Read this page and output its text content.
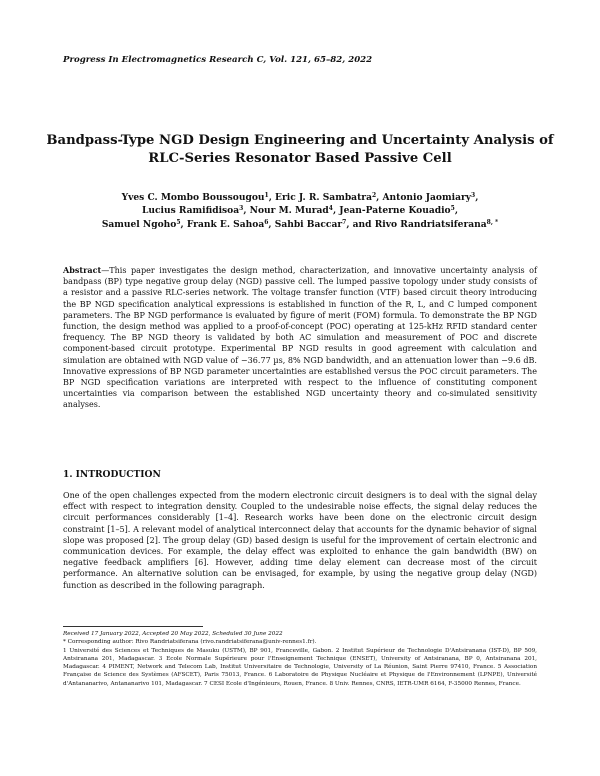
Progress In Electromagnetics Research C, Vol. 121, 65–82, 2022
Bandpass-Type NGD Design Engineering and Uncertainty Analysis of RLC-Series Resonator Based Passive Cell
Yves C. Mombo Boussougou$^1$, Eric J. R. Sambatra$^2$, Antonio Jaomiary$^3$,
Lucius Ramifidisoa$^3$, Nour M. Murad$^4$, Jean-Paterne Kouadio$^5$,
Samuel Ngoho$^5$, Frank E. Sahoa$^6$, Sahbi Baccar$^7$, and Rivo Randriatsiferana$^{8, *}$
Abstract—This paper investigates the design method, characterization, and innovative uncertainty analysis of bandpass (BP) type negative group delay (NGD) passive cell. The lumped passive topology under study consists of a resistor and a passive RLC-series network. The voltage transfer function (VTF) based circuit theory introducing the BP NGD specification analytical expressions is established in function of the R, L, and C lumped component parameters. The BP NGD performance is evaluated by figure of merit (FOM) formula. To demonstrate the BP NGD function, the design method was applied to a proof-of-concept (POC) operating at 125-kHz RFID standard center frequency. The BP NGD theory is validated by both AC simulation and measurement of POC and discrete component-based circuit prototype. Experimental BP NGD results in good agreement with calculation and simulation are obtained with NGD value of −36.77 µs, 8% NGD bandwidth, and an attenuation lower than −9.6 dB. Innovative expressions of BP NGD parameter uncertainties are established versus the POC circuit parameters. The BP NGD specification variations are interpreted with respect to the influence of constituting component uncertainties via comparison between the established NGD uncertainty theory and co-simulated sensitivity analyses.
1. INTRODUCTION
One of the open challenges expected from the modern electronic circuit designers is to deal with the signal delay effect with respect to integration density. Coupled to the undesirable noise effects, the signal delay reduces the circuit performances considerably [1–4]. Research works have been done on the electronic circuit design constraint [1–5]. A relevant model of analytical interconnect delay that accounts for the dynamic behavior of signal slope was proposed [2]. The group delay (GD) based design is useful for the improvement of certain electronic and communication devices. For example, the delay effect was exploited to enhance the gain bandwidth (BW) on negative feedback amplifiers [6]. However, adding time delay element can decrease most of the circuit performance. An alternative solution can be envisaged, for example, by using the negative group delay (NGD) function as described in the following paragraph.
Received 17 January 2022, Accepted 20 May 2022, Scheduled 30 June 2022
* Corresponding author: Rivo Randriatsiferana (rivo.randriatsiferana@univ-rennes1.fr).
1 Université des Sciences et Techniques de Masuku (USTM), BP 901, Franceville, Gabon. 2 Institut Supérieur de Technologie D'Antsiranana (IST-D), BP 509, Antsiranana 201, Madagascar. 3 Ecole Normale Supérieure pour l'Enseignement Technique (ENSET), University of Antsiranana, BP 0, Antsiranana 201, Madagascar. 4 PIMENT, Network and Telecom Lab, Institut Universitaire de Technologie, University of La Réunion, Saint Pierre 97410, France. 5 Association Française de Science des Systèmes (AFSCET), Paris 75013, France. 6 Laboratoire de Physique Nucléaire et Physique de l'Environnement (LPNPE), Université d'Antananarivo, Antananarivo 101, Madagascar. 7 CESI Ecole d'Ingénieurs, Rouen, France. 8 Univ. Rennes, CNRS, IETR-UMR 6164, F-35000 Rennes, France.
